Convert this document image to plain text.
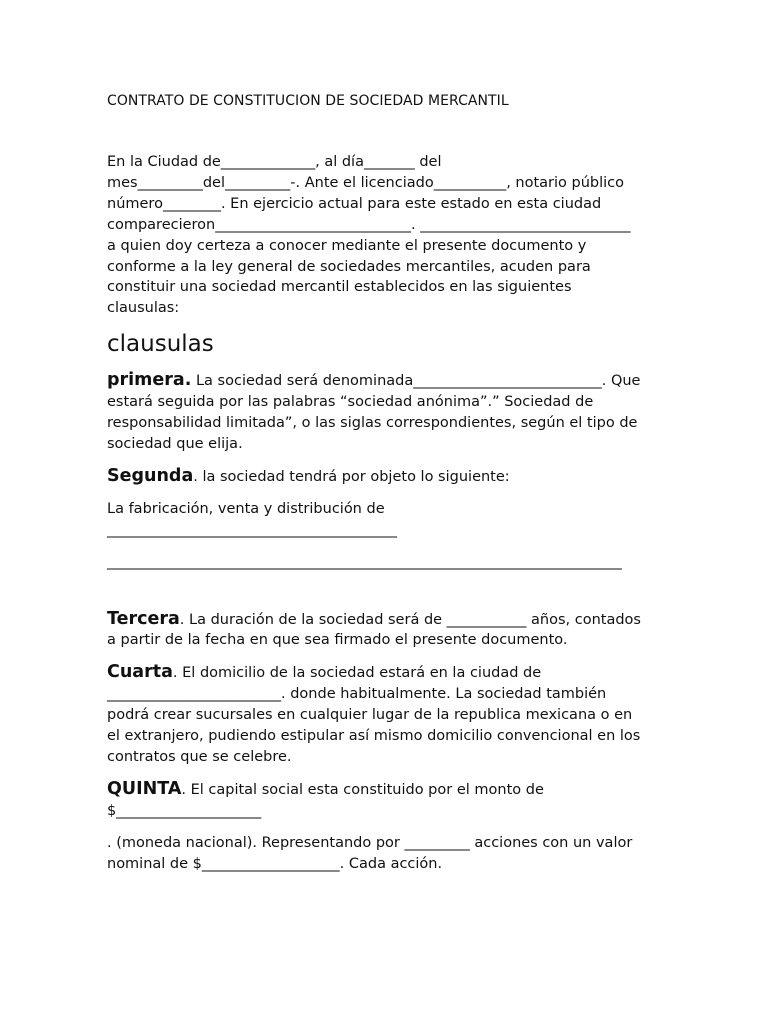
CONTRATO DE CONSTITUCION DE SOCIEDAD MERCANTIL

En la Ciudad de_____________, al día_______ del
mes_________del_________-. Ante el licenciado__________, notario público
número________. En ejercicio actual para este estado en esta ciudad
comparecieron___________________________. _____________________________
a quien doy certeza a conocer mediante el presente documento y
conforme a la ley general de sociedades mercantiles, acuden para
constituir una sociedad mercantil establecidos en las siguientes
clausulas:

clausulas

primera. La sociedad será denominada__________________________. Que
estará seguida por las palabras “sociedad anónima”.” Sociedad de
responsabilidad limitada”, o las siglas correspondientes, según el tipo de
sociedad que elija.

Segunda. la sociedad tendrá por objeto lo siguiente:

La fabricación, venta y distribución de
________________________________________

_______________________________________________________________________

Tercera. La duración de la sociedad será de ___________ años, contados
a partir de la fecha en que sea firmado el presente documento.

Cuarta. El domicilio de la sociedad estará en la ciudad de
________________________. donde habitualmente. La sociedad también
podrá crear sucursales en cualquier lugar de la republica mexicana o en
el extranjero, pudiendo estipular así mismo domicilio convencional en los
contratos que se celebre.

QUINTA. El capital social esta constituido por el monto de
$____________________

. (moneda nacional). Representando por _________ acciones con un valor
nominal de $___________________. Cada acción.
